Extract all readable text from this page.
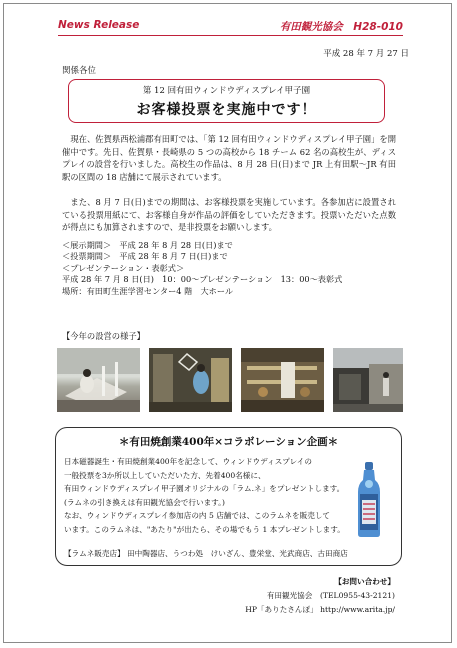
News Release	有田観光協会　H28-010
平成 28 年 7 月 27 日
関係各位
第 12 回有田ウィンドウディスプレイ甲子園
お客様投票を実施中です！
　現在、佐賀県西松浦郡有田町では、「第 12 回有田ウィンドウディスプレイ甲子園」を開催中です。先日、佐賀県・長崎県の 5 つの高校から 18 チーム 62 名の高校生が、ディスプレイの設営を行いました。高校生の作品は、8 月 28 日(日)まで JR 上有田駅～JR 有田駅の区間の 18 店舗にて展示されています。
　また、8 月 7 日(日)までの期間は、お客様投票を実施しています。各参加店に設置されている投票用紙にて、お客様自身が作品の評価をしていただきます。投票いただいた点数が得点にも加算されますので、是非投票をお願いします。
＜展示期間＞　平成 28 年 8 月 28 日(日)まで
＜投票期間＞　平成 28 年 8 月 7 日(日)まで
＜プレゼンテーション・表彰式＞
平成 28 年 7 月 8 日(日)　10：00～プレゼンテーション　13：00～表彰式
場所：有田町生涯学習センター4 階　大ホール
【今年の設営の様子】
＊有田焼創業400年×コラボレーション企画＊
日本磁器誕生・有田焼創業400年を記念して、ウィンドウディスプレイの
一般投票を3か所以上していただいた方、先着400名様に、
有田ウィンドウディスプレイ甲子園オリジナルの「ラム.ネ」をプレゼントします。
(ラムネの引き換えは有田観光協会で行います。)
なお、ウィンドウディスプレイ参加店の内 5 店舗では、このラムネを販売して
います。このラムネは、"あたり"が出たら、その場でもう 1 本プレゼントします。
【ラムネ販売店】 田中陶器店、うつわ処　けいざん、豊栄堂、光武商店、古田商店
【お問い合わせ】
有田観光協会　(TEL0955-43-2121)
HP「ありたさんぽ」 http://www.arita.jp/
